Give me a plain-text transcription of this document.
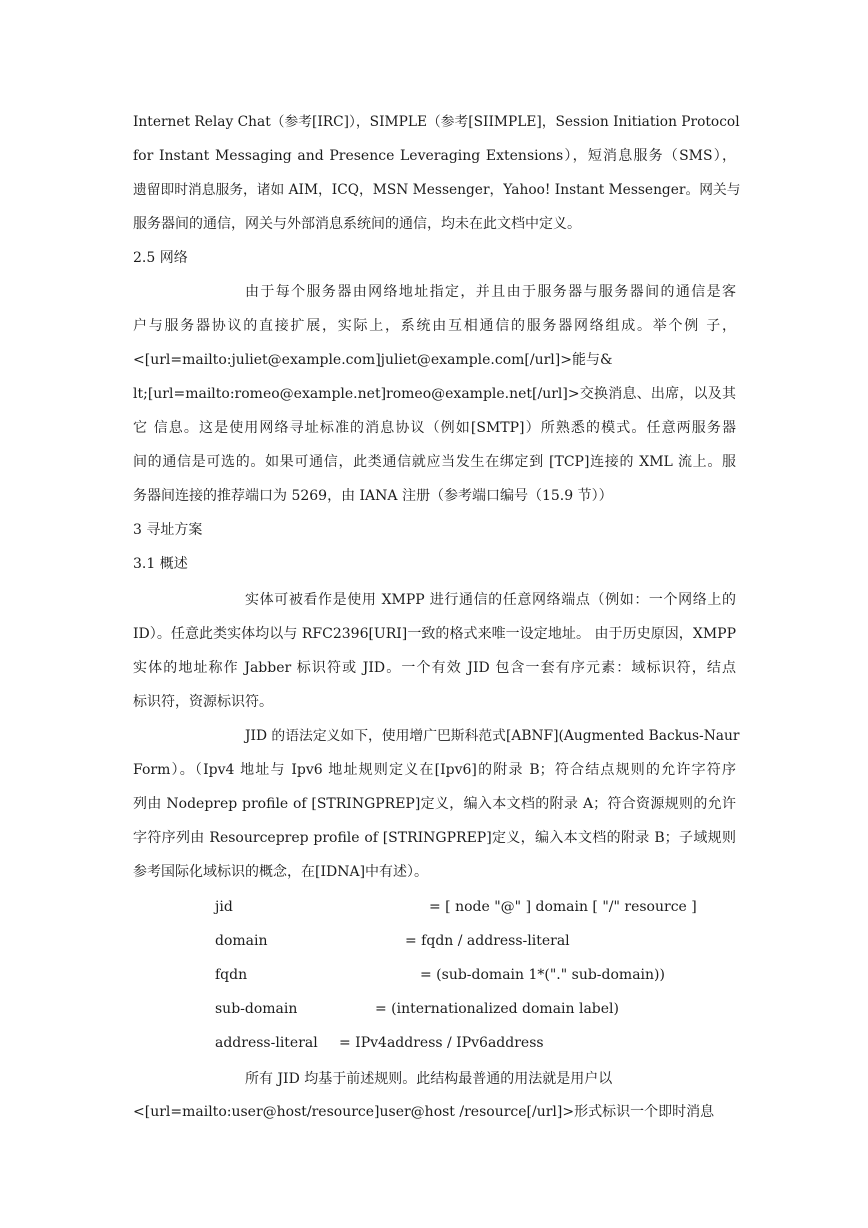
Internet Relay Chat（参考[IRC]），SIMPLE（参考[SIIMPLE]，Session Initiation Protocol
for Instant Messaging and Presence Leveraging Extensions），短消息服务（SMS），
遗留即时消息服务，诸如 AIM，ICQ，MSN Messenger，Yahoo! Instant Messenger。网关与
服务器间的通信，网关与外部消息系统间的通信，均未在此文档中定义。
2.5 网络
由于每个服务器由网络地址指定，并且由于服务器与服务器间的通信是客
户与服务器协议的直接扩展，实际上，系统由互相通信的服务器网络组成。举个例 子，
<[url=mailto:juliet@example.com]juliet@example.com[/url]>能与&
lt;[url=mailto:romeo@example.net]romeo@example.net[/url]>交换消息、出席，以及其
它 信息。这是使用网络寻址标准的消息协议（例如[SMTP]）所熟悉的模式。任意两服务器
间的通信是可选的。如果可通信，此类通信就应当发生在绑定到 [TCP]连接的 XML 流上。服
务器间连接的推荐端口为 5269，由 IANA 注册（参考端口编号（15.9 节））
3 寻址方案
3.1 概述
实体可被看作是使用 XMPP 进行通信的任意网络端点（例如：一个网络上的
ID）。任意此类实体均以与 RFC2396[URI]一致的格式来唯一设定地址。 由于历史原因，XMPP
实体的地址称作 Jabber 标识符或 JID。一个有效 JID 包含一套有序元素：域标识符，结点
标识符，资源标识符。
JID 的语法定义如下，使用增广巴斯科范式[ABNF](Augmented Backus-Naur
Form）。（Ipv4 地址与 Ipv6 地址规则定义在[Ipv6]的附录 B；符合结点规则的允许字符序
列由 Nodeprep profile of [STRINGPREP]定义，编入本文档的附录 A；符合资源规则的允许
字符序列由 Resourceprep profile of [STRINGPREP]定义，编入本文档的附录 B；子域规则
参考国际化域标识的概念，在[IDNA]中有述）。
jid	= [ node "@" ] domain [ "/" resource ]
domain	= fqdn / address-literal
fqdn	= (sub-domain 1*("." sub-domain))
sub-domain	= (internationalized domain label)
address-literal = IPv4address / IPv6address
所有 JID 均基于前述规则。此结构最普通的用法就是用户以
<[url=mailto:user@host/resource]user@host /resource[/url]>形式标识一个即时消息
